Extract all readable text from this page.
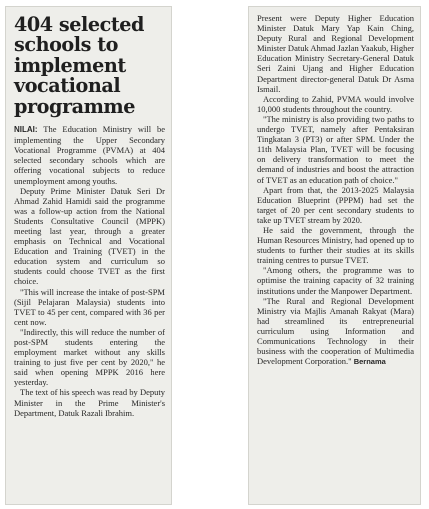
404 selected schools to implement vocational programme

NILAI: The Education Ministry will be implementing the Upper Secondary Vocational Programme (PVMA) at 404 selected secondary schools which are offering vocational subjects to reduce unemployment among youths.

Deputy Prime Minister Datuk Seri Dr Ahmad Zahid Hamidi said the programme was a follow-up action from the National Students Consultative Council (MPPK) meeting last year, through a greater emphasis on Technical and Vocational Education and Training (TVET) in the education system and curriculum so students could choose TVET as the first choice.

"This will increase the intake of post-SPM (Sijil Pelajaran Malaysia) students into TVET to 45 per cent, compared with 36 per cent now.

"Indirectly, this will reduce the number of post-SPM students entering the employment market without any skills training to just five per cent by 2020," he said when opening MPPK 2016 here yesterday.

The text of his speech was read by Deputy Minister in the Prime Minister's Department, Datuk Razali Ibrahim.

Present were Deputy Higher Education Minister Datuk Mary Yap Kain Ching, Deputy Rural and Regional Development Minister Datuk Ahmad Jazlan Yaakub, Higher Education Ministry Secretary-General Datuk Seri Zaini Ujang and Higher Education Department director-general Datuk Dr Asma Ismail.

According to Zahid, PVMA would involve 10,000 students throughout the country.

"The ministry is also providing two paths to undergo TVET, namely after Pentaksiran Tingkatan 3 (PT3) or after SPM. Under the 11th Malaysia Plan, TVET will be focusing on delivery transformation to meet the demand of industries and boost the attraction of TVET as an education path of choice."

Apart from that, the 2013-2025 Malaysia Education Blueprint (PPPM) had set the target of 20 per cent secondary students to take up TVET stream by 2020.

He said the government, through the Human Resources Ministry, had opened up to students to further their studies at its skills training centres to pursue TVET.

"Among others, the programme was to optimise the training capacity of 32 training institutions under the Manpower Department.

"The Rural and Regional Development Ministry via Majlis Amanah Rakyat (Mara) had streamlined its entrepreneurial curriculum using Information and Communications Technology in their business with the cooperation of Multimedia Development Corporation." Bernama
